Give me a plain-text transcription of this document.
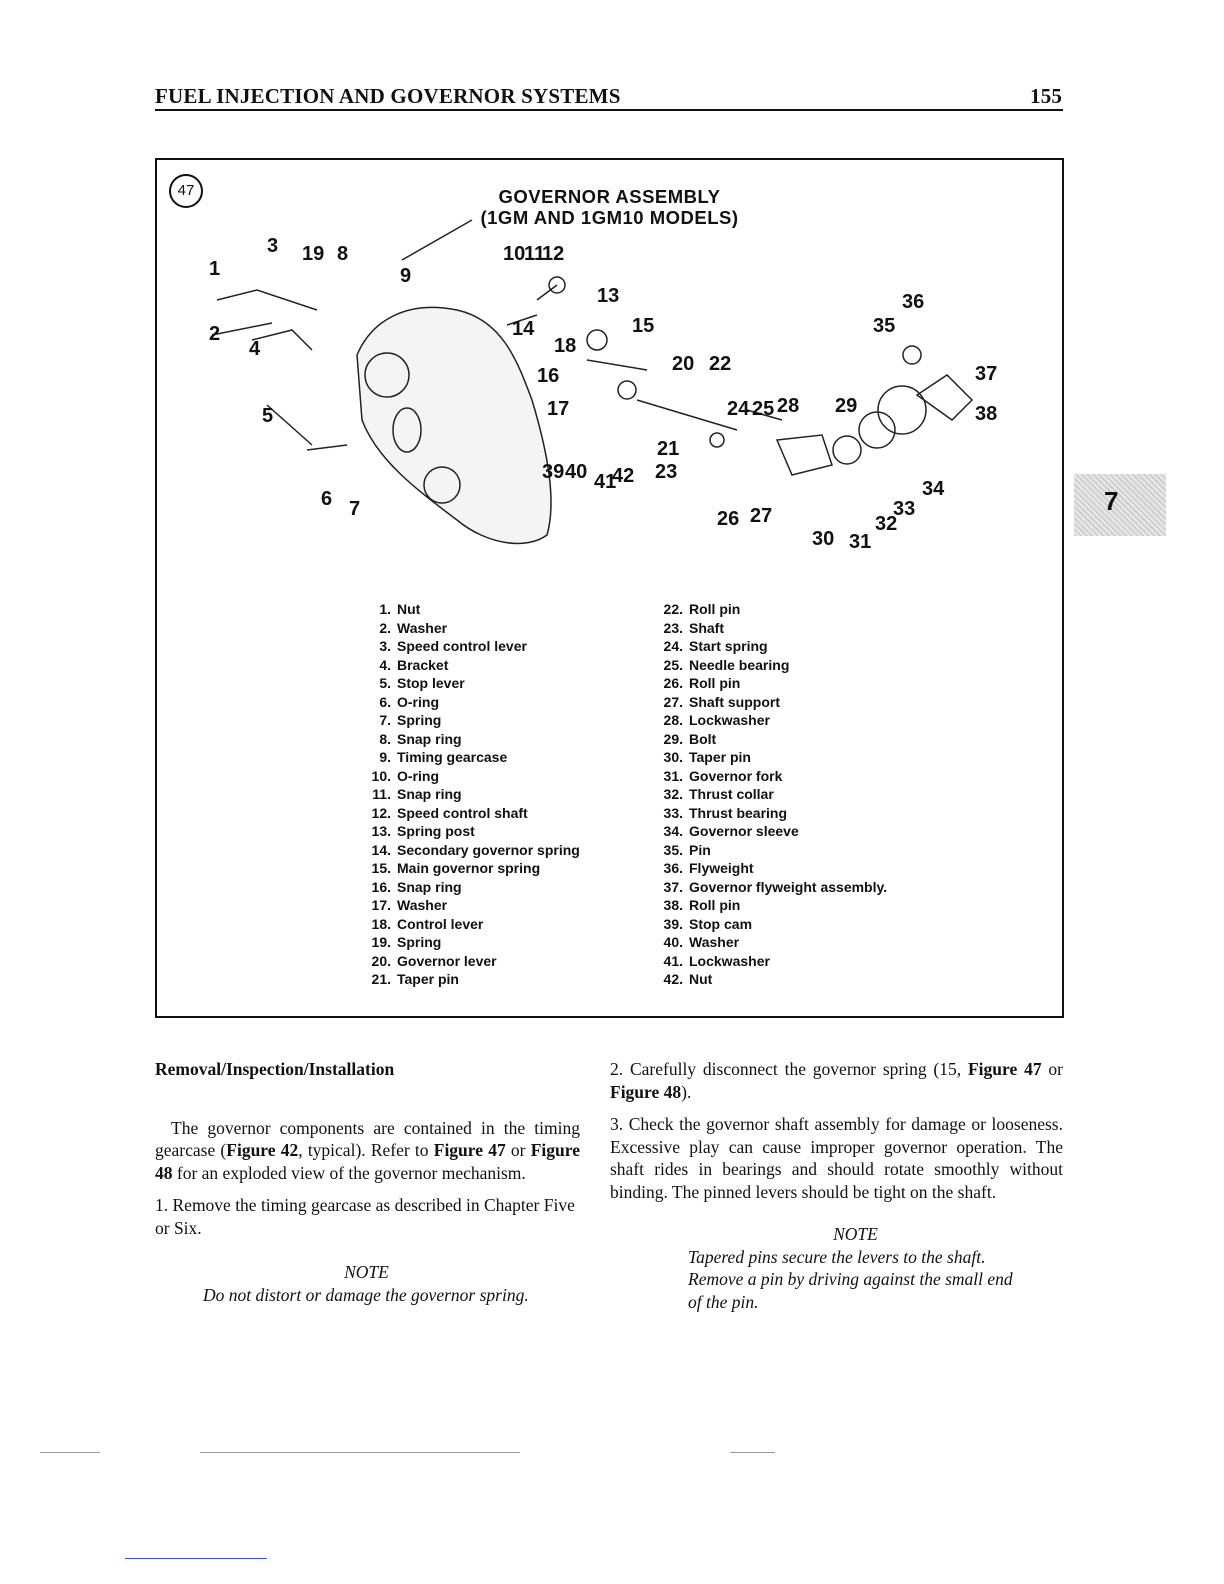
FUEL INJECTION AND GOVERNOR SYSTEMS	155
1
2
3
4
5
6 7
8
9
19	10
11
12
13
14	15
16
17
18
20
21
22
23
24 25
26 27
28 29
30 31
32
33
34
35
36
37
38
39 40 41
42
47	GOVERNOR ASSEMBLY
(1GM AND 1GM10 MODELS)
1. Nut
2. Washer
3. Speed control lever
4. Bracket
5. Stop lever
6. O-ring
7. Spring
8. Snap ring
9. Timing gearcase
10. O-ring
11. Snap ring
12. Speed control shaft
13. Spring post
14. Secondary governor spring
15. Main governor spring
16. Snap ring
17. Washer
18. Control lever
19. Spring
20. Governor lever
21. Taper pin
22. Roll pin
23. Shaft
24. Start spring
25. Needle bearing
26. Roll pin
27. Shaft support
28. Lockwasher
29. Bolt
30. Taper pin
31. Governor fork
32. Thrust collar
33. Thrust bearing
34. Governor sleeve
35. Pin
36. Flyweight
37. Governor flyweight assembly.
38. Roll pin
39. Stop cam
40. Washer
41. Lockwasher
42. Nut
7

Removal/Inspection/Installation

The governor components are contained in the timing gearcase (Figure 42, typical). Refer to Figure 47 or Figure 48 for an exploded view of the governor mechanism.

1. Remove the timing gearcase as described in Chapter Five or Six.

NOTE
Do not distort or damage the governor spring.

2. Carefully disconnect the governor spring (15, Figure 47 or Figure 48).

3. Check the governor shaft assembly for damage or looseness. Excessive play can cause improper governor operation. The shaft rides in bearings and should rotate smoothly without binding. The pinned levers should be tight on the shaft.

NOTE
Tapered pins secure the levers to the shaft. Remove a pin by driving against the small end of the pin.
